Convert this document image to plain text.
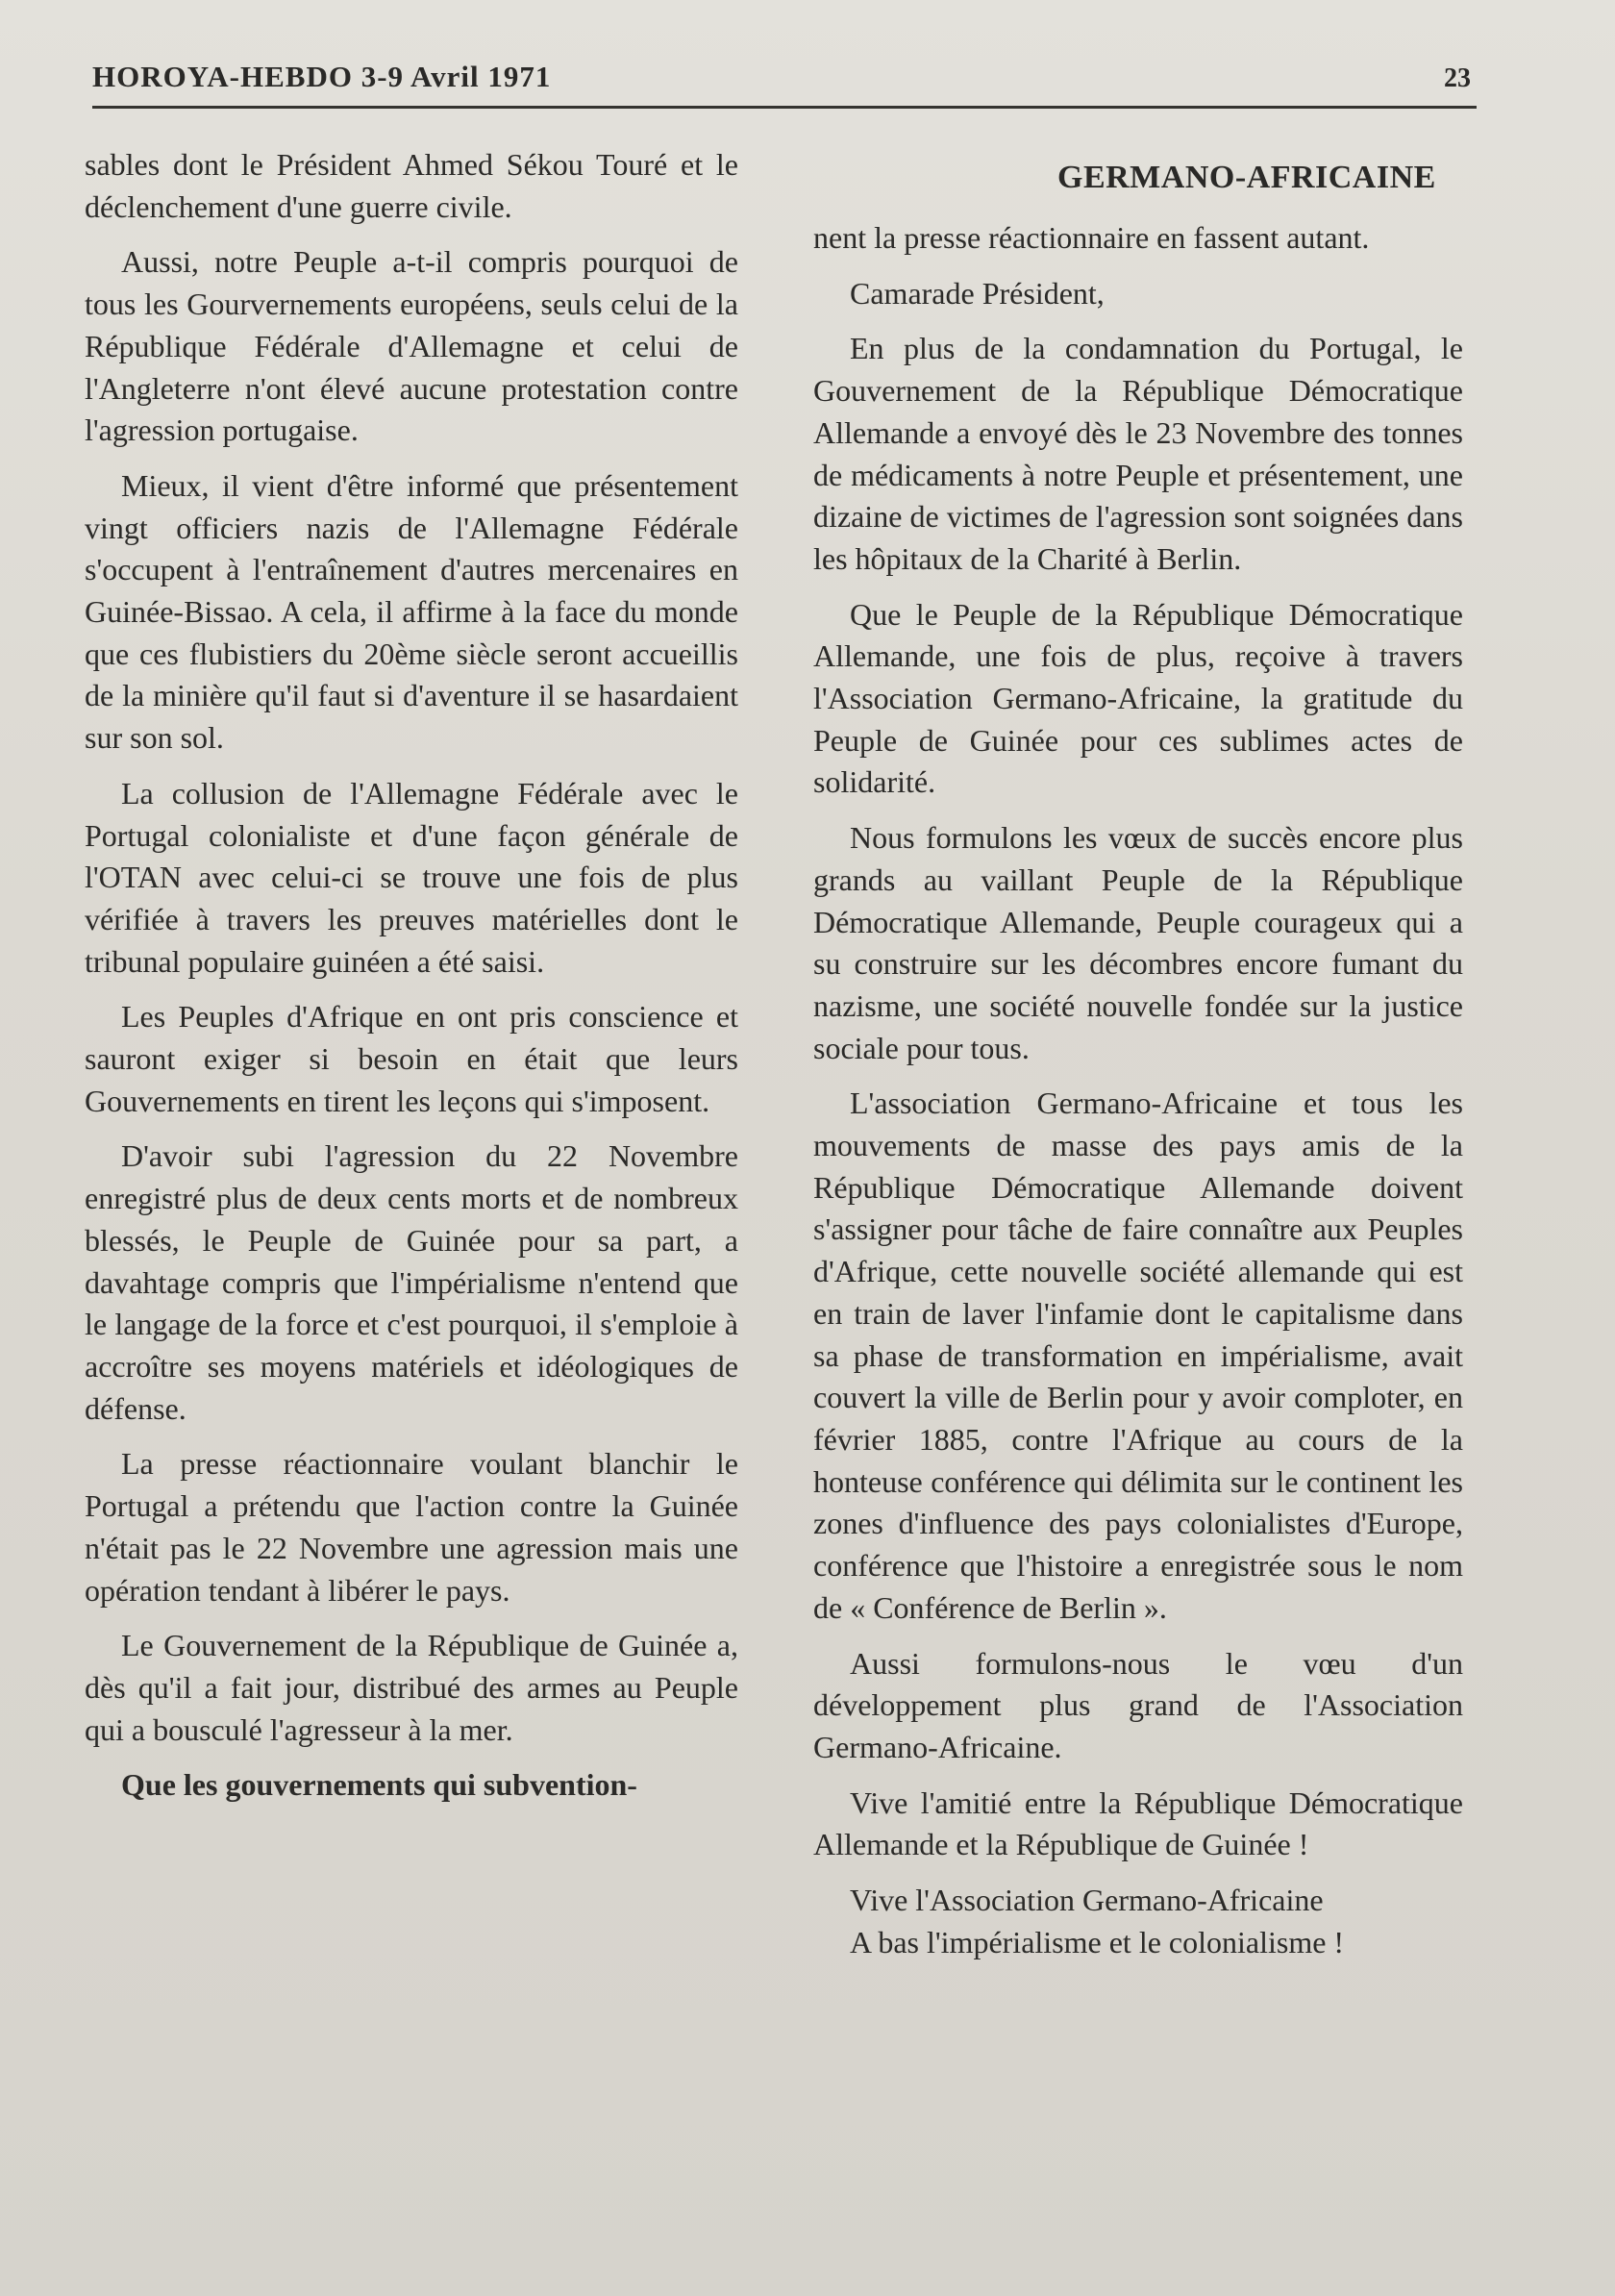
HOROYA-HEBDO 3-9 Avril 1971	23

sables dont le Président Ahmed Sékou Touré et le déclenchement d'une guerre civile.

Aussi, notre Peuple a-t-il compris pourquoi de tous les Gourvernements européens, seuls celui de la République Fédérale d'Allemagne et celui de l'Angleterre n'ont élevé aucune protestation contre l'agression portugaise.

Mieux, il vient d'être informé que présentement vingt officiers nazis de l'Allemagne Fédérale s'occupent à l'entraînement d'autres mercenaires en Guinée-Bissao. A cela, il affirme à la face du monde que ces flubistiers du 20ème siècle seront accueillis de la minière qu'il faut si d'aventure il se hasardaient sur son sol.

La collusion de l'Allemagne Fédérale avec le Portugal colonialiste et d'une façon générale de l'OTAN avec celui-ci se trouve une fois de plus vérifiée à travers les preuves matérielles dont le tribunal populaire guinéen a été saisi.

Les Peuples d'Afrique en ont pris conscience et sauront exiger si besoin en était que leurs Gouvernements en tirent les leçons qui s'imposent.

D'avoir subi l'agression du 22 Novembre enregistré plus de deux cents morts et de nombreux blessés, le Peuple de Guinée pour sa part, a davahtage compris que l'impérialisme n'entend que le langage de la force et c'est pourquoi, il s'emploie à accroître ses moyens matériels et idéologiques de défense.

La presse réactionnaire voulant blanchir le Portugal a prétendu que l'action contre la Guinée n'était pas le 22 Novembre une agression mais une opération tendant à libérer le pays.

Le Gouvernement de la République de Guinée a, dès qu'il a fait jour, distribué des armes au Peuple qui a bousculé l'agresseur à la mer.

Que les gouvernements qui subvention-

GERMANO-AFRICAINE

nent la presse réactionnaire en fassent autant.

Camarade Président,

En plus de la condamnation du Portugal, le Gouvernement de la République Démocratique Allemande a envoyé dès le 23 Novembre des tonnes de médicaments à notre Peuple et présentement, une dizaine de victimes de l'agression sont soignées dans les hôpitaux de la Charité à Berlin.

Que le Peuple de la République Démocratique Allemande, une fois de plus, reçoive à travers l'Association Germano-Africaine, la gratitude du Peuple de Guinée pour ces sublimes actes de solidarité.

Nous formulons les vœux de succès encore plus grands au vaillant Peuple de la République Démocratique Allemande, Peuple courageux qui a su construire sur les décombres encore fumant du nazisme, une société nouvelle fondée sur la justice sociale pour tous.

L'association Germano-Africaine et tous les mouvements de masse des pays amis de la République Démocratique Allemande doivent s'assigner pour tâche de faire connaître aux Peuples d'Afrique, cette nouvelle société allemande qui est en train de laver l'infamie dont le capitalisme dans sa phase de transformation en impérialisme, avait couvert la ville de Berlin pour y avoir comploter, en février 1885, contre l'Afrique au cours de la honteuse conférence qui délimita sur le continent les zones d'influence des pays colonialistes d'Europe, conférence que l'histoire a enregistrée sous le nom de « Conférence de Berlin ».

Aussi formulons-nous le vœu d'un développement plus grand de l'Association Germano-Africaine.

Vive l'amitié entre la République Démocratique Allemande et la République de Guinée !

Vive l'Association Germano-Africaine

A bas l'impérialisme et le colonialisme !
